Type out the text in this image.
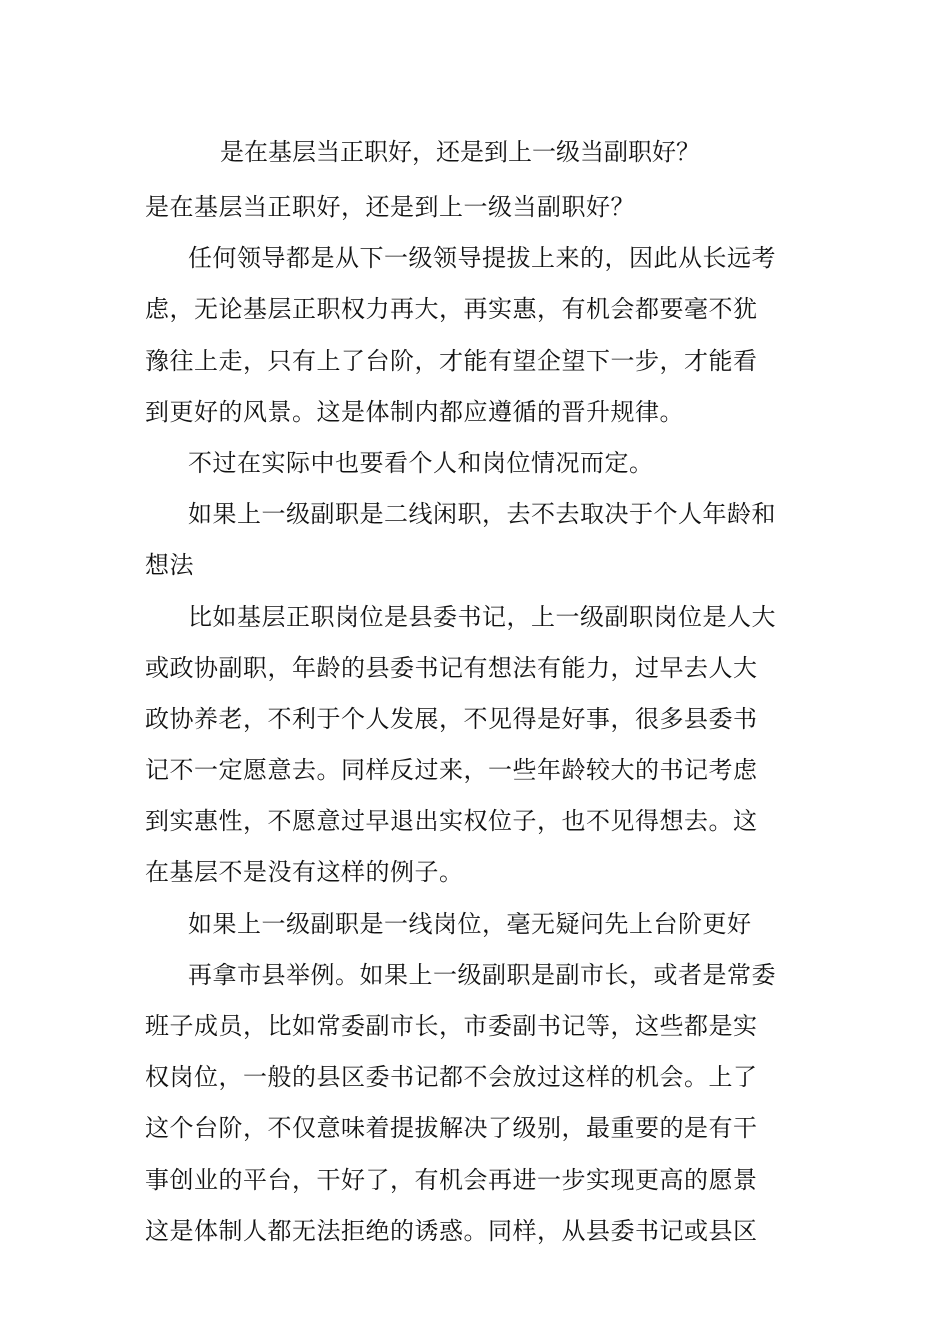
是在基层当正职好，还是到上一级当副职好？
是在基层当正职好，还是到上一级当副职好？
任何领导都是从下一级领导提拔上来的，因此从长远考
虑，无论基层正职权力再大，再实惠，有机会都要毫不犹
豫往上走，只有上了台阶，才能有望企望下一步，才能看
到更好的风景。这是体制内都应遵循的晋升规律。
不过在实际中也要看个人和岗位情况而定。
如果上一级副职是二线闲职，去不去取决于个人年龄和
想法
比如基层正职岗位是县委书记，上一级副职岗位是人大
或政协副职，年龄的县委书记有想法有能力，过早去人大
政协养老，不利于个人发展，不见得是好事，很多县委书
记不一定愿意去。同样反过来，一些年龄较大的书记考虑
到实惠性，不愿意过早退出实权位子，也不见得想去。这
在基层不是没有这样的例子。
如果上一级副职是一线岗位，毫无疑问先上台阶更好
再拿市县举例。如果上一级副职是副市长，或者是常委
班子成员，比如常委副市长，市委副书记等，这些都是实
权岗位，一般的县区委书记都不会放过这样的机会。上了
这个台阶，不仅意味着提拔解决了级别，最重要的是有干
事创业的平台，干好了，有机会再进一步实现更高的愿景
这是体制人都无法拒绝的诱惑。同样，从县委书记或县区
